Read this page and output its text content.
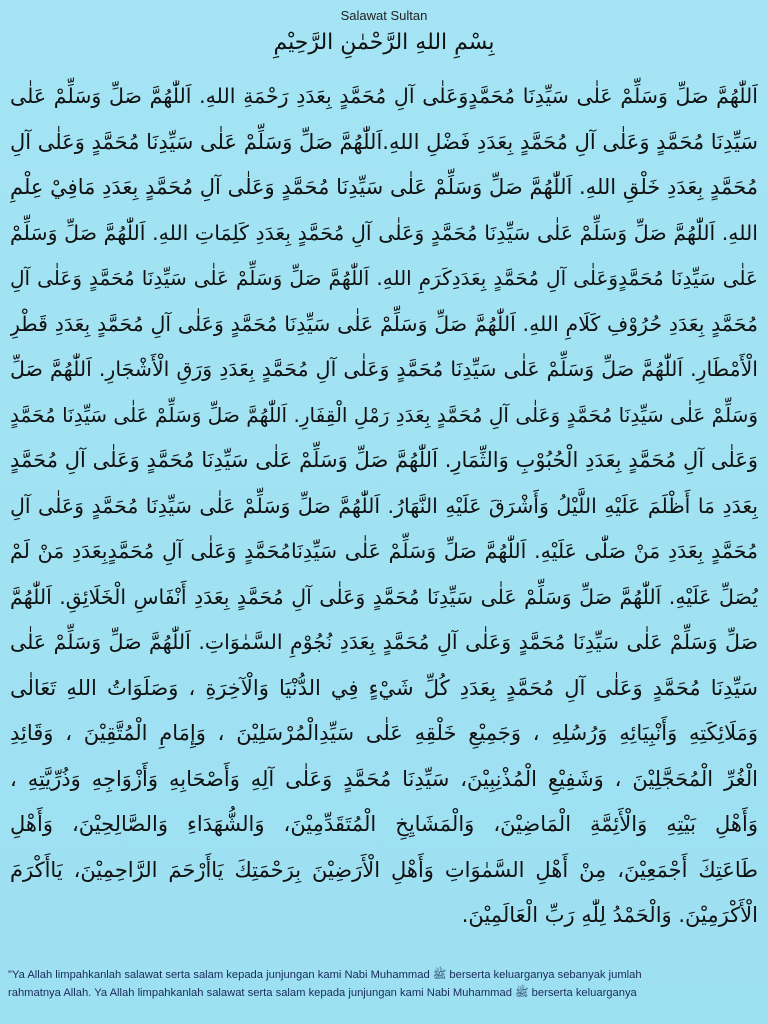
Salawat Sultan
بِسْمِ اللهِ الرَّحْمٰنِ الرَّحِيْمِ
اَللّٰهُمَّ صَلِّ وَسَلِّمْ عَلٰى سَيِّدِنَا مُحَمَّدٍوَعَلٰى آلِ مُحَمَّدٍ بِعَدَدِ رَحْمَةِ اللهِ. اَللّٰهُمَّ صَلِّ وَسَلِّمْ عَلٰى
سَيِّدِنَا مُحَمَّدٍ وَعَلٰى آلِ مُحَمَّدٍ بِعَدَدِ فَضْلِ اللهِ.اَللّٰهُمَّ صَلِّ وَسَلِّمْ عَلٰى سَيِّدِنَا مُحَمَّدٍ وَعَلٰى آلِ
مُحَمَّدٍ بِعَدَدِ خَلْقِ اللهِ. اَللّٰهُمَّ صَلِّ وَسَلِّمْ عَلٰى سَيِّدِنَا مُحَمَّدٍ وَعَلٰى آلِ مُحَمَّدٍ بِعَدَدِ مَافِيْ عِلْمِ
اللهِ. اَللّٰهُمَّ صَلِّ وَسَلِّمْ عَلٰى سَيِّدِنَا مُحَمَّدٍ وَعَلٰى آلِ مُحَمَّدٍ بِعَدَدِ كَلِمَاتِ اللهِ. اَللّٰهُمَّ صَلِّ وَسَلِّمْ
عَلٰى سَيِّدِنَا مُحَمَّدٍوَعَلٰى آلِ مُحَمَّدٍ بِعَدَدِكَرَمِ اللهِ. اَللّٰهُمَّ صَلِّ وَسَلِّمْ عَلٰى سَيِّدِنَا مُحَمَّدٍ وَعَلٰى آلِ
مُحَمَّدٍ بِعَدَدِ حُرُوْفِ كَلَامِ اللهِ. اَللّٰهُمَّ صَلِّ وَسَلِّمْ عَلٰى سَيِّدِنَا مُحَمَّدٍ وَعَلٰى آلِ مُحَمَّدٍ بِعَدَدِ قَطْرِ
الْأَمْطَارِ. اَللّٰهُمَّ صَلِّ وَسَلِّمْ عَلٰى سَيِّدِنَا مُحَمَّدٍ وَعَلٰى آلِ مُحَمَّدٍ بِعَدَدِ وَرَقِ الْأَشْجَارِ. اَللّٰهُمَّ صَلِّ
وَسَلِّمْ عَلٰى سَيِّدِنَا مُحَمَّدٍ وَعَلٰى آلِ مُحَمَّدٍ بِعَدَدِ رَمْلِ الْقِفَارِ. اَللّٰهُمَّ صَلِّ وَسَلِّمْ عَلٰى سَيِّدِنَا مُحَمَّدٍ
وَعَلٰى آلِ مُحَمَّدٍ بِعَدَدِ الْحُبُوْبِ وَالثِّمَارِ. اَللّٰهُمَّ صَلِّ وَسَلِّمْ عَلٰى سَيِّدِنَا مُحَمَّدٍ وَعَلٰى آلِ مُحَمَّدٍ
بِعَدَدِ مَا أَظْلَمَ عَلَيْهِ اللَّيْلُ وَأَشْرَقَ عَلَيْهِ النَّهَارُ. اَللّٰهُمَّ صَلِّ وَسَلِّمْ عَلٰى سَيِّدِنَا مُحَمَّدٍ وَعَلٰى آلِ
مُحَمَّدٍ بِعَدَدِ مَنْ صَلّٰى عَلَيْهِ. اَللّٰهُمَّ صَلِّ وَسَلِّمْ عَلٰى سَيِّدِنَامُحَمَّدٍ وَعَلٰى آلِ مُحَمَّدٍبِعَدَدِ مَنْ لَمْ
يُصَلِّ عَلَيْهِ. اَللّٰهُمَّ صَلِّ وَسَلِّمْ عَلٰى سَيِّدِنَا مُحَمَّدٍ وَعَلٰى آلِ مُحَمَّدٍ بِعَدَدِ أَنْفَاسِ الْخَلَائِقِ. اَللّٰهُمَّ
صَلِّ وَسَلِّمْ عَلٰى سَيِّدِنَا مُحَمَّدٍ وَعَلٰى آلِ مُحَمَّدٍ بِعَدَدِ نُجُوْمِ السَّمٰوَاتِ. اَللّٰهُمَّ صَلِّ وَسَلِّمْ عَلٰى
سَيِّدِنَا مُحَمَّدٍ وَعَلٰى آلِ مُحَمَّدٍ بِعَدَدِ كُلِّ شَيْءٍ فِي الدُّنْيَا وَالْآخِرَةِ ، وَصَلَوَاتُ اللهِ تَعَالٰى
وَمَلَائِكَتِهِ وَأَنْبِيَائِهِ وَرُسُلِهِ ، وَجَمِيْعِ خَلْقِهِ عَلٰى سَيِّدِالْمُرْسَلِيْنَ ، وَإِمَامِ الْمُتَّقِيْنَ ، وَقَائِدِ
الْغُرِّ الْمُحَجَّلِيْنَ ، وَشَفِيْعِ الْمُذْنِبِيْنَ، سَيِّدِنَا مُحَمَّدٍ وَعَلٰى آلِهِ وَأَصْحَابِهِ وَأَزْوَاجِهِ وَذُرِّيَّتِهِ ،
وَأَهْلِ بَيْتِهِ وَالْأَئِمَّةِ الْمَاضِيْنَ، وَالْمَشَايِخِ الْمُتَقَدِّمِيْنَ، وَالشُّهَدَاءِ وَالصَّالِحِيْنَ، وَأَهْلِ
طَاعَتِكَ أَجْمَعِيْنَ، مِنْ أَهْلِ السَّمٰوَاتِ وَأَهْلِ الْأَرَضِيْنَ بِرَحْمَتِكَ يَاأَرْحَمَ الرَّاحِمِيْنَ، يَاأَكْرَمَ
الْأَكْرَمِيْنَ. وَالْحَمْدُ لِلّٰهِ رَبِّ الْعَالَمِيْنَ.

"Ya Allah limpahkanlah salawat serta salam kepada junjungan kami Nabi Muhammad ﷺ berserta keluarganya sebanyak jumlah

rahmatnya Allah. Ya Allah limpahkanlah salawat serta salam kepada junjungan kami Nabi Muhammad ﷺ berserta keluarganya
